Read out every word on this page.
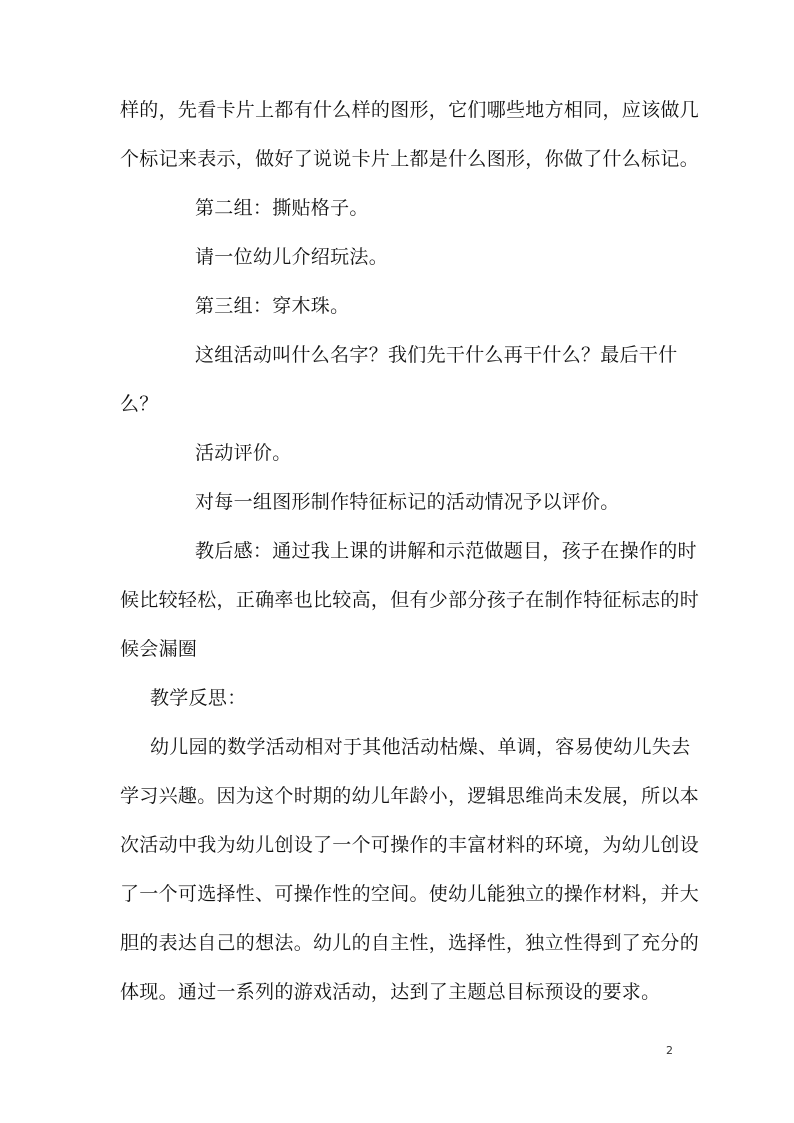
样的，先看卡片上都有什么样的图形，它们哪些地方相同，应该做几
个标记来表示，做好了说说卡片上都是什么图形，你做了什么标记。
第二组：撕贴格子。
请一位幼儿介绍玩法。
第三组：穿木珠。
这组活动叫什么名字？我们先干什么再干什么？最后干什
么？
活动评价。
对每一组图形制作特征标记的活动情况予以评价。
教后感：通过我上课的讲解和示范做题目，孩子在操作的时
候比较轻松，正确率也比较高，但有少部分孩子在制作特征标志的时
候会漏圈
教学反思：
幼儿园的数学活动相对于其他活动枯燥、单调，容易使幼儿失去
学习兴趣。因为这个时期的幼儿年龄小，逻辑思维尚未发展，所以本
次活动中我为幼儿创设了一个可操作的丰富材料的环境，为幼儿创设
了一个可选择性、可操作性的空间。使幼儿能独立的操作材料，并大
胆的表达自己的想法。幼儿的自主性，选择性，独立性得到了充分的
体现。通过一系列的游戏活动，达到了主题总目标预设的要求。
2
